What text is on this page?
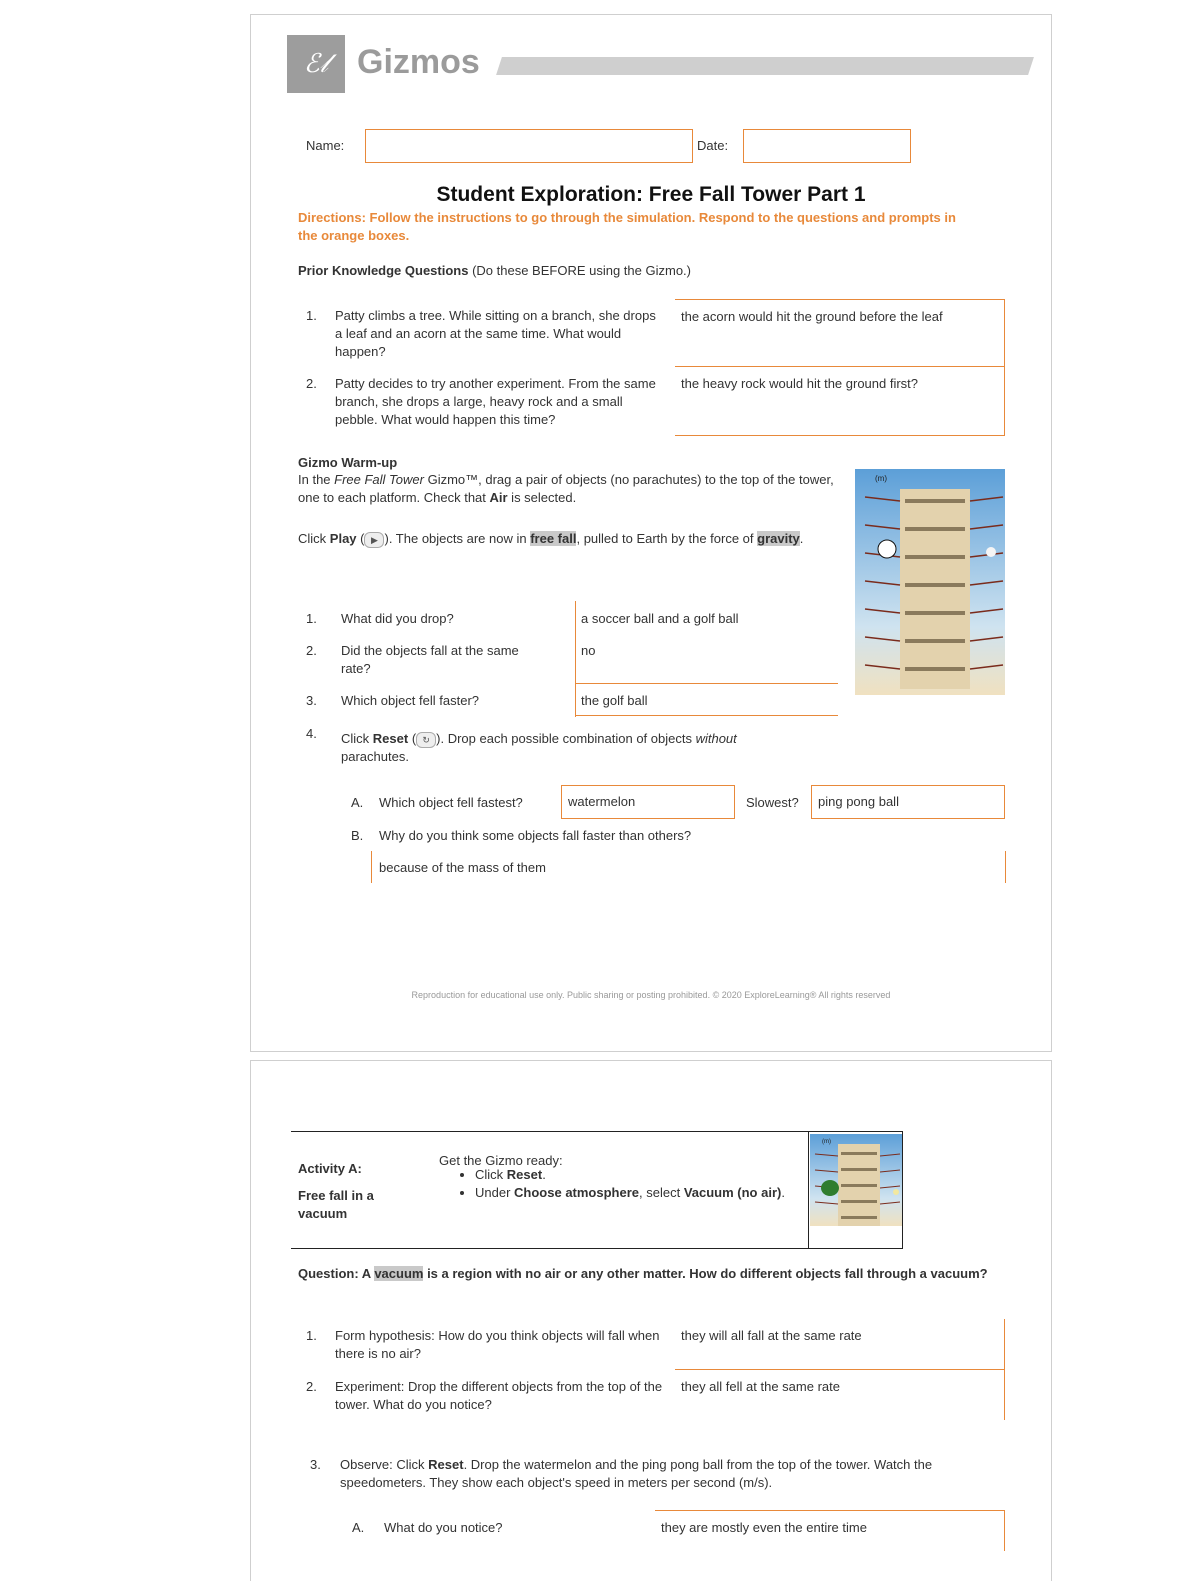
ℰ𝓁 Gizmos
Name:	Date:
Student Exploration: Free Fall Tower Part 1
Directions: Follow the instructions to go through the simulation. Respond to the questions and prompts in the orange boxes.
Prior Knowledge Questions (Do these BEFORE using the Gizmo.)
1. Patty climbs a tree. While sitting on a branch, she drops a leaf and an acorn at the same time. What would happen?
the acorn would hit the ground before the leaf
2. Patty decides to try another experiment. From the same branch, she drops a large, heavy rock and a small pebble. What would happen this time?
the heavy rock would hit the ground first?
Gizmo Warm-up
In the Free Fall Tower Gizmo™, drag a pair of objects (no parachutes) to the top of the tower, one to each platform. Check that Air is selected.
Click Play ( ▶ ). The objects are now in free fall, pulled to Earth by the force of gravity.
(m)
1. What did you drop?	a soccer ball and a golf ball
2. Did the objects fall at the same rate?
no
3. Which object fell faster?	the golf ball
4. Click Reset ( ↻ ). Drop each possible combination of objects without parachutes.
A. Which object fell fastest?	watermelon	Slowest?	ping pong ball
B. Why do you think some objects fall faster than others?
because of the mass of them
Reproduction for educational use only. Public sharing or posting prohibited. © 2020 ExploreLearning® All rights reserved
Activity A:
Free fall in a vacuum
Get the Gizmo ready:
• Click Reset.
• Under Choose atmosphere, select Vacuum (no air).
(m)
Question: A vacuum is a region with no air or any other matter. How do different objects fall through a vacuum?
1. Form hypothesis: How do you think objects will fall when there is no air?
they will all fall at the same rate
2. Experiment: Drop the different objects from the top of the tower. What do you notice?
they all fell at the same rate
3. Observe: Click Reset. Drop the watermelon and the ping pong ball from the top of the tower. Watch the speedometers. They show each object's speed in meters per second (m/s).
A. What do you notice?	they are mostly even the entire time
